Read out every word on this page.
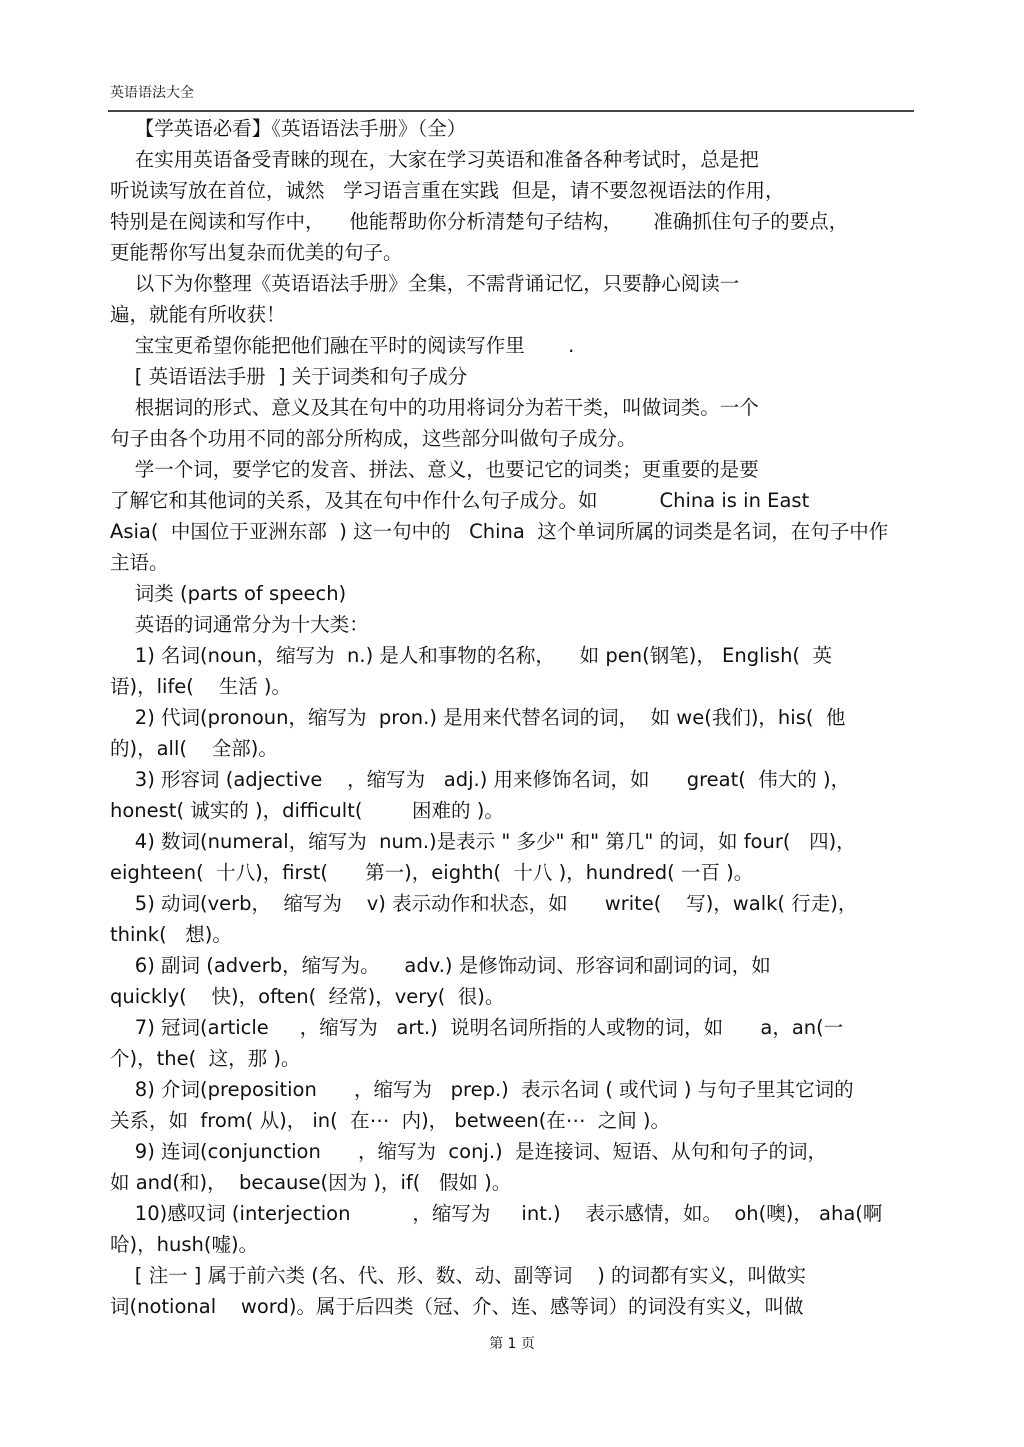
英语语法大全
【学英语必看】《英语语法手册》（全）
在实用英语备受青睐的现在，大家在学习英语和准备各种考试时，总是把
听说读写放在首位，诚然   学习语言重在实践  但是，请不要忽视语法的作用，
特别是在阅读和写作中，    他能帮助你分析清楚句子结构，     准确抓住句子的要点，
更能帮你写出复杂而优美的句子。
以下为你整理《英语语法手册》全集，不需背诵记忆，只要静心阅读一
遍，就能有所收获！
宝宝更希望你能把他们融在平时的阅读写作里       .
[ 英语语法手册  ] 关于词类和句子成分
根据词的形式、意义及其在句中的功用将词分为若干类，叫做词类。一个
句子由各个功用不同的部分所构成，这些部分叫做句子成分。
学一个词，要学它的发音、拼法、意义，也要记它的词类；更重要的是要
了解它和其他词的关系，及其在句中作什么句子成分。如          China is in East
Asia(  中国位于亚洲东部  ) 这一句中的   China  这个单词所属的词类是名词，在句子中作
主语。
词类 (parts of speech)
英语的词通常分为十大类：
1) 名词(noun，缩写为  n.) 是人和事物的名称，    如 pen(钢笔)， English(  英
语)，life(    生活 )。
2) 代词(pronoun，缩写为  pron.) 是用来代替名词的词，  如 we(我们)，his(  他
的)，all(    全部)。
3) 形容词 (adjective    ，缩写为   adj.) 用来修饰名词，如      great(  伟大的 )，
honest( 诚实的 )，difficult(        困难的 )。
4) 数词(numeral，缩写为  num.)是表示 " 多少" 和" 第几" 的词，如 four(   四)，
eighteen(  十八)，first(      第一)，eighth(  十八 )，hundred( 一百 )。
5) 动词(verb，  缩写为    v) 表示动作和状态，如      write(    写)，walk( 行走)，
think(   想)。
6) 副词 (adverb，缩写为。    adv.) 是修饰动词、形容词和副词的词，如
quickly(    快)，often(  经常)，very(  很)。
7) 冠词(article     ，缩写为   art.)  说明名词所指的人或物的词，如      a，an(一
个)，the(  这，那 )。
8) 介词(preposition      ，缩写为   prep.)  表示名词 ( 或代词 ) 与句子里其它词的
关系，如  from( 从)， in(  在⋯  内)， between(在⋯  之间 )。
9) 连词(conjunction      ，缩写为  conj.)  是连接词、短语、从句和句子的词，
如 and(和)，  because(因为 )，if(   假如 )。
10)感叹词 (interjection          ，缩写为     int.)    表示感情，如。  oh(噢)， aha(啊
哈)，hush(嘘)。
[ 注一 ] 属于前六类 (名、代、形、数、动、副等词    ) 的词都有实义，叫做实
词(notional    word)。属于后四类（冠、介、连、感等词）的词没有实义，叫做
第 1 页
